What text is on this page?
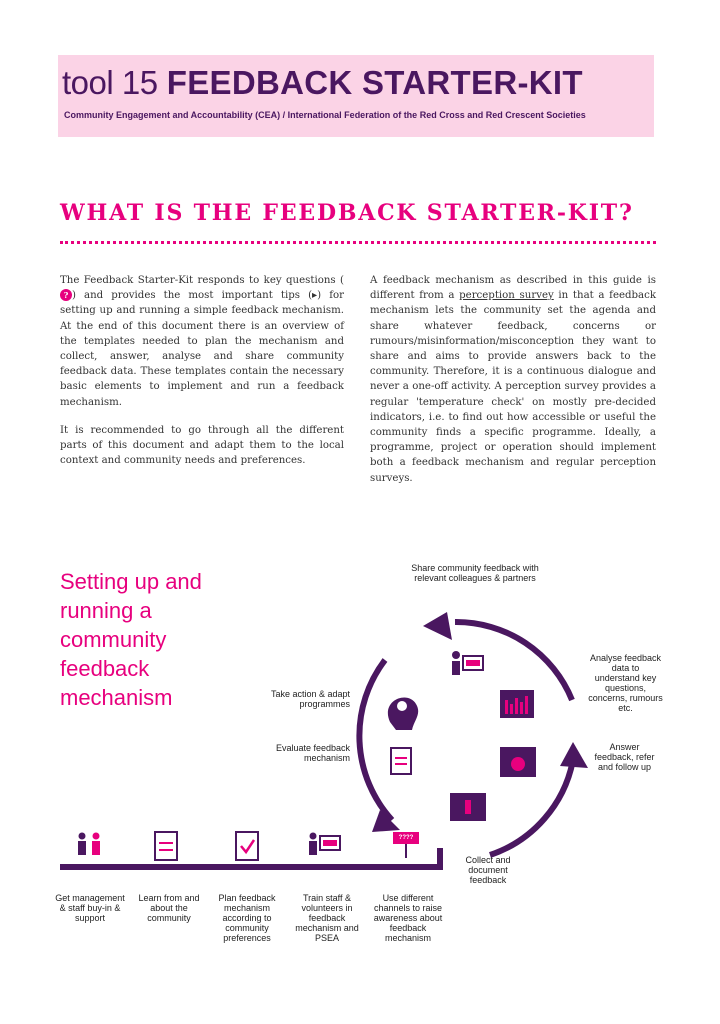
tool 15 FEEDBACK STARTER-KIT
Community Engagement and Accountability (CEA) / International Federation of the Red Cross and Red Crescent Societies
WHAT IS THE FEEDBACK STARTER-KIT?

The Feedback Starter-Kit responds to key questions (? ) and provides the most important tips (▸) for setting up and running a simple feedback mechanism. At the end of this document there is an overview of the templates needed to plan the mechanism and collect, answer, analyse and share community feedback data. These templates contain the necessary basic elements to implement and run a feedback mechanism.

It is recommended to go through all the different parts of this document and adapt them to the local context and community needs and preferences.

A feedback mechanism as described in this guide is different from a perception survey in that a feedback mechanism lets the community set the agenda and share whatever feedback, concerns or rumours/misinformation/misconception they want to share and aims to provide answers back to the community. Therefore, it is a continuous dialogue and never a one-off activity. A perception survey provides a regular 'temperature check' on mostly pre-decided indicators, i.e. to find out how accessible or useful the community finds a specific programme. Ideally, a programme, project or operation should implement both a feedback mechanism and regular perception surveys.

Setting up and running a community feedback mechanism
????
Share community feedback with relevant colleagues & partners
Analyse feedback data to understand key questions, concerns, rumours etc.
Answer feedback, refer and follow up
Collect and document feedback
Evaluate feedback mechanism
Take action & adapt programmes
Get management & staff buy-in & support
Learn from and about the community
Plan feedback mechanism according to community preferences
Train staff & volunteers in feedback mechanism and PSEA
Use different channels to raise awareness about feedback mechanism
